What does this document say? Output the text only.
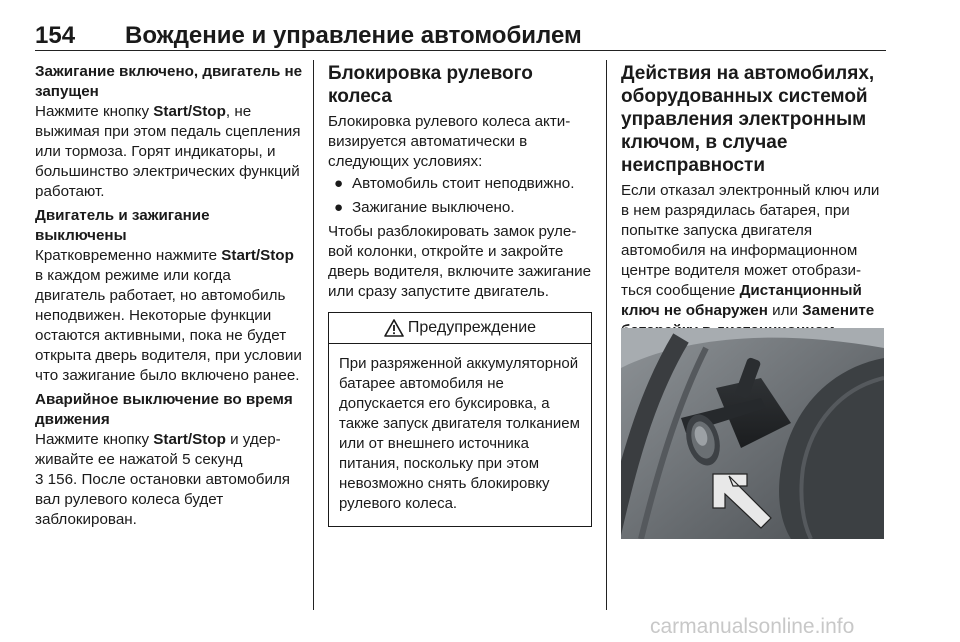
154 Вождение и управление автомобилем

Зажигание включено, двигатель не запущен

Нажмите кнопку Start/Stop, не выжимая при этом педаль сцепления или тормоза. Горят индикаторы, и большинство электрических функций работают.

Двигатель и зажигание выключены

Кратковременно нажмите Start/Stop в каждом режиме или когда двигатель работает, но автомобиль неподвижен. Некоторые функции остаются активными, пока не будет открыта дверь водителя, при условии что зажигание было включено ранее.

Аварийное выключение во время движения

Нажмите кнопку Start/Stop и удерживайте ее нажатой 5 секунд
3 156. После остановки автомобиля вал рулевого колеса будет заблокирован.

Блокировка рулевого колеса

Блокировка рулевого колеса активизируется автоматически в следующих условиях:

● Автомобиль стоит неподвижно.
● Зажигание выключено.

Чтобы разблокировать замок рулевой колонки, откройте и закройте дверь водителя, включите зажигание или сразу запустите двигатель.

Предупреждение
При разряженной аккумуляторной батарее автомобиля не допускается его буксировка, а также запуск двигателя толканием или от внешнего источника питания, поскольку при этом невозможно снять блокировку рулевого колеса.

Действия на автомобилях, оборудованных системой управления электронным ключом, в случае неисправности

Если отказал электронный ключ или в нем разрядилась батарея, при попытке запуска двигателя автомобиля на информационном центре водителя может отобразиться сообщение Дистанционный ключ не обнаружен или Замените

carmanualsonline.info
